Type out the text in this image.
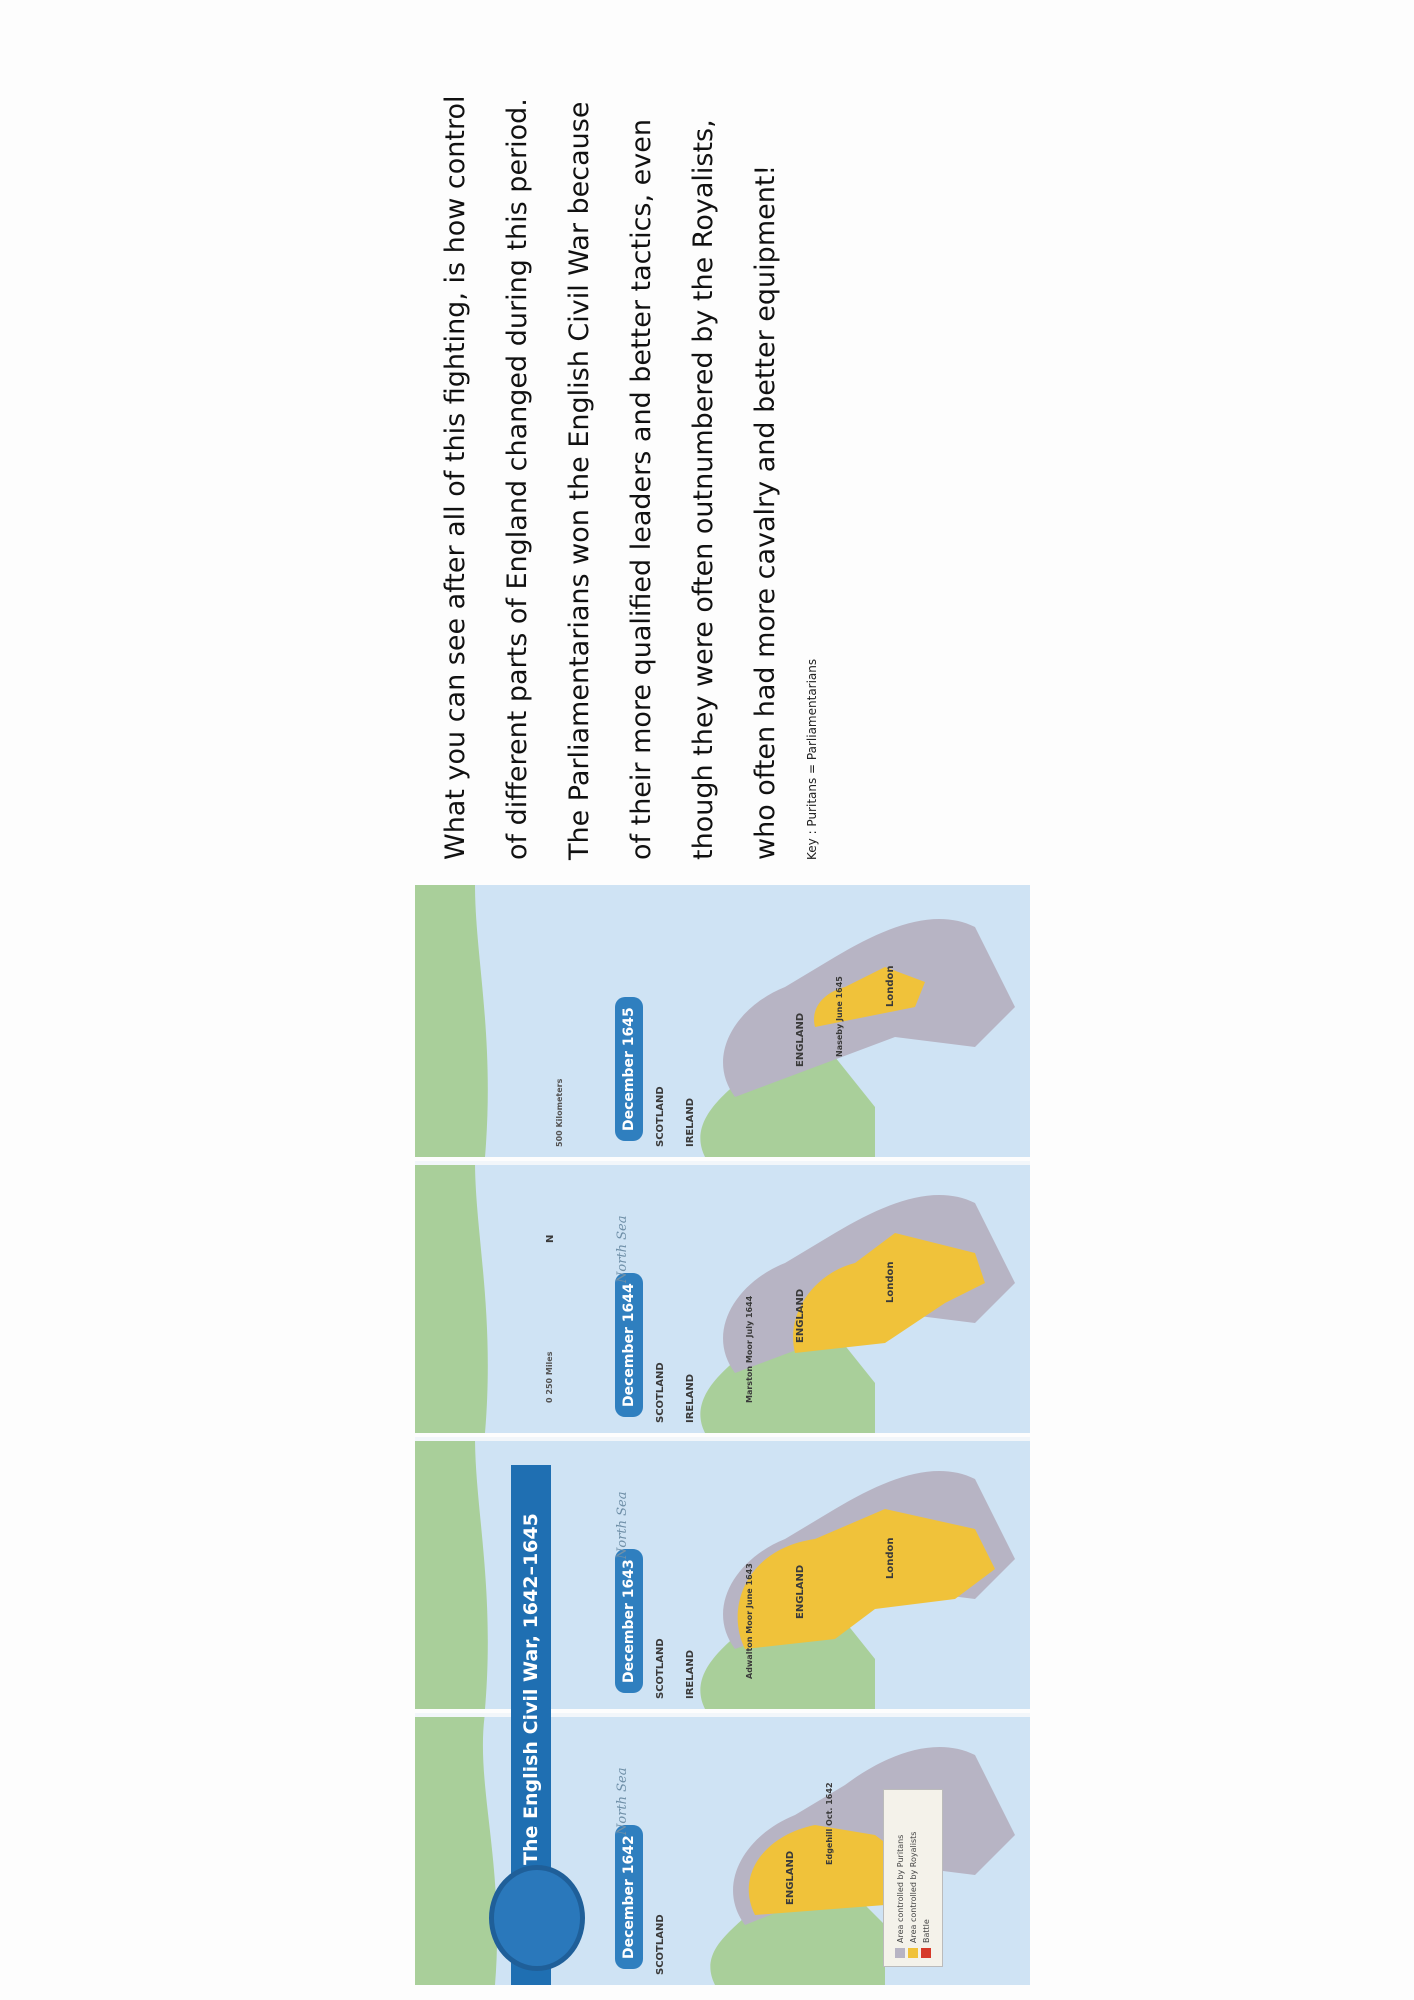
December 1642	SCOTLAND
ENGLAND
Edgehill Oct. 1642
North Sea
December 1643	SCOTLAND IRELAND
ENGLAND
Adwalton Moor June 1643
London
North Sea
December 1644	SCOTLAND IRELAND
ENGLAND
Marston Moor July 1644
London
North Sea
0 250 Miles
N
December 1645	SCOTLAND IRELAND
ENGLAND	Naseby June 1645	London
500 Kilometers
The English Civil War, 1642–1645
Area controlled by Puritans Area controlled by Royalists Battle

What you can see after all of this fighting, is how control of different parts of England changed during this period. The Parliamentarians won the English Civil War because of their more qualified leaders and better tactics, even though they were often outnumbered by the Royalists, who often had more cavalry and better equipment!	Key : Puritans = Parliamentarians
